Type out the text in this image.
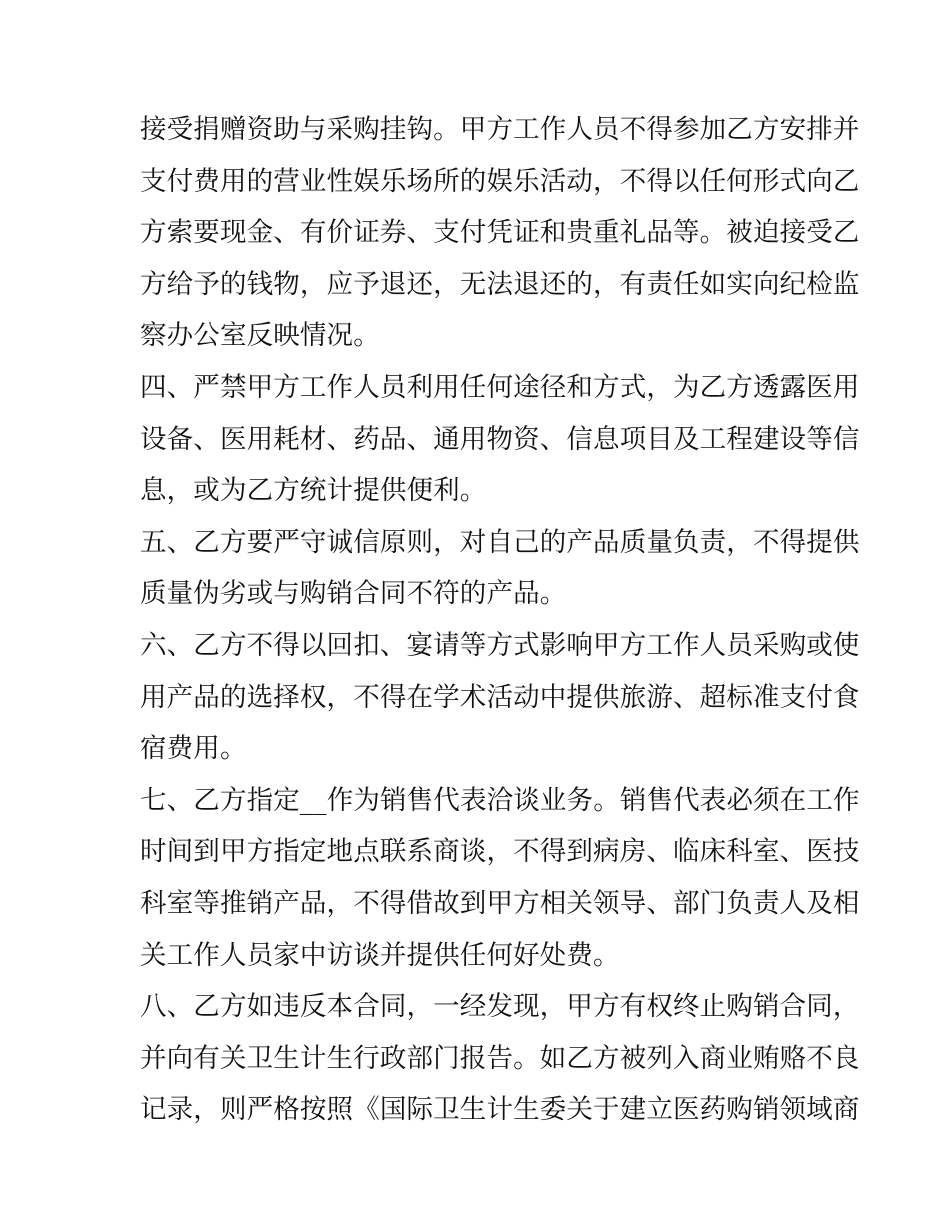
接受捐赠资助与采购挂钩。甲方工作人员不得参加乙方安排并
支付费用的营业性娱乐场所的娱乐活动，不得以任何形式向乙
方索要现金、有价证券、支付凭证和贵重礼品等。被迫接受乙
方给予的钱物，应予退还，无法退还的，有责任如实向纪检监
察办公室反映情况。
四、严禁甲方工作人员利用任何途径和方式，为乙方透露医用
设备、医用耗材、药品、通用物资、信息项目及工程建设等信
息，或为乙方统计提供便利。
五、乙方要严守诚信原则，对自己的产品质量负责，不得提供
质量伪劣或与购销合同不符的产品。
六、乙方不得以回扣、宴请等方式影响甲方工作人员采购或使
用产品的选择权，不得在学术活动中提供旅游、超标准支付食
宿费用。
七、乙方指定__作为销售代表洽谈业务。销售代表必须在工作
时间到甲方指定地点联系商谈，不得到病房、临床科室、医技
科室等推销产品，不得借故到甲方相关领导、部门负责人及相
关工作人员家中访谈并提供任何好处费。
八、乙方如违反本合同，一经发现，甲方有权终止购销合同，
并向有关卫生计生行政部门报告。如乙方被列入商业贿赂不良
记录，则严格按照《国际卫生计生委关于建立医药购销领域商
